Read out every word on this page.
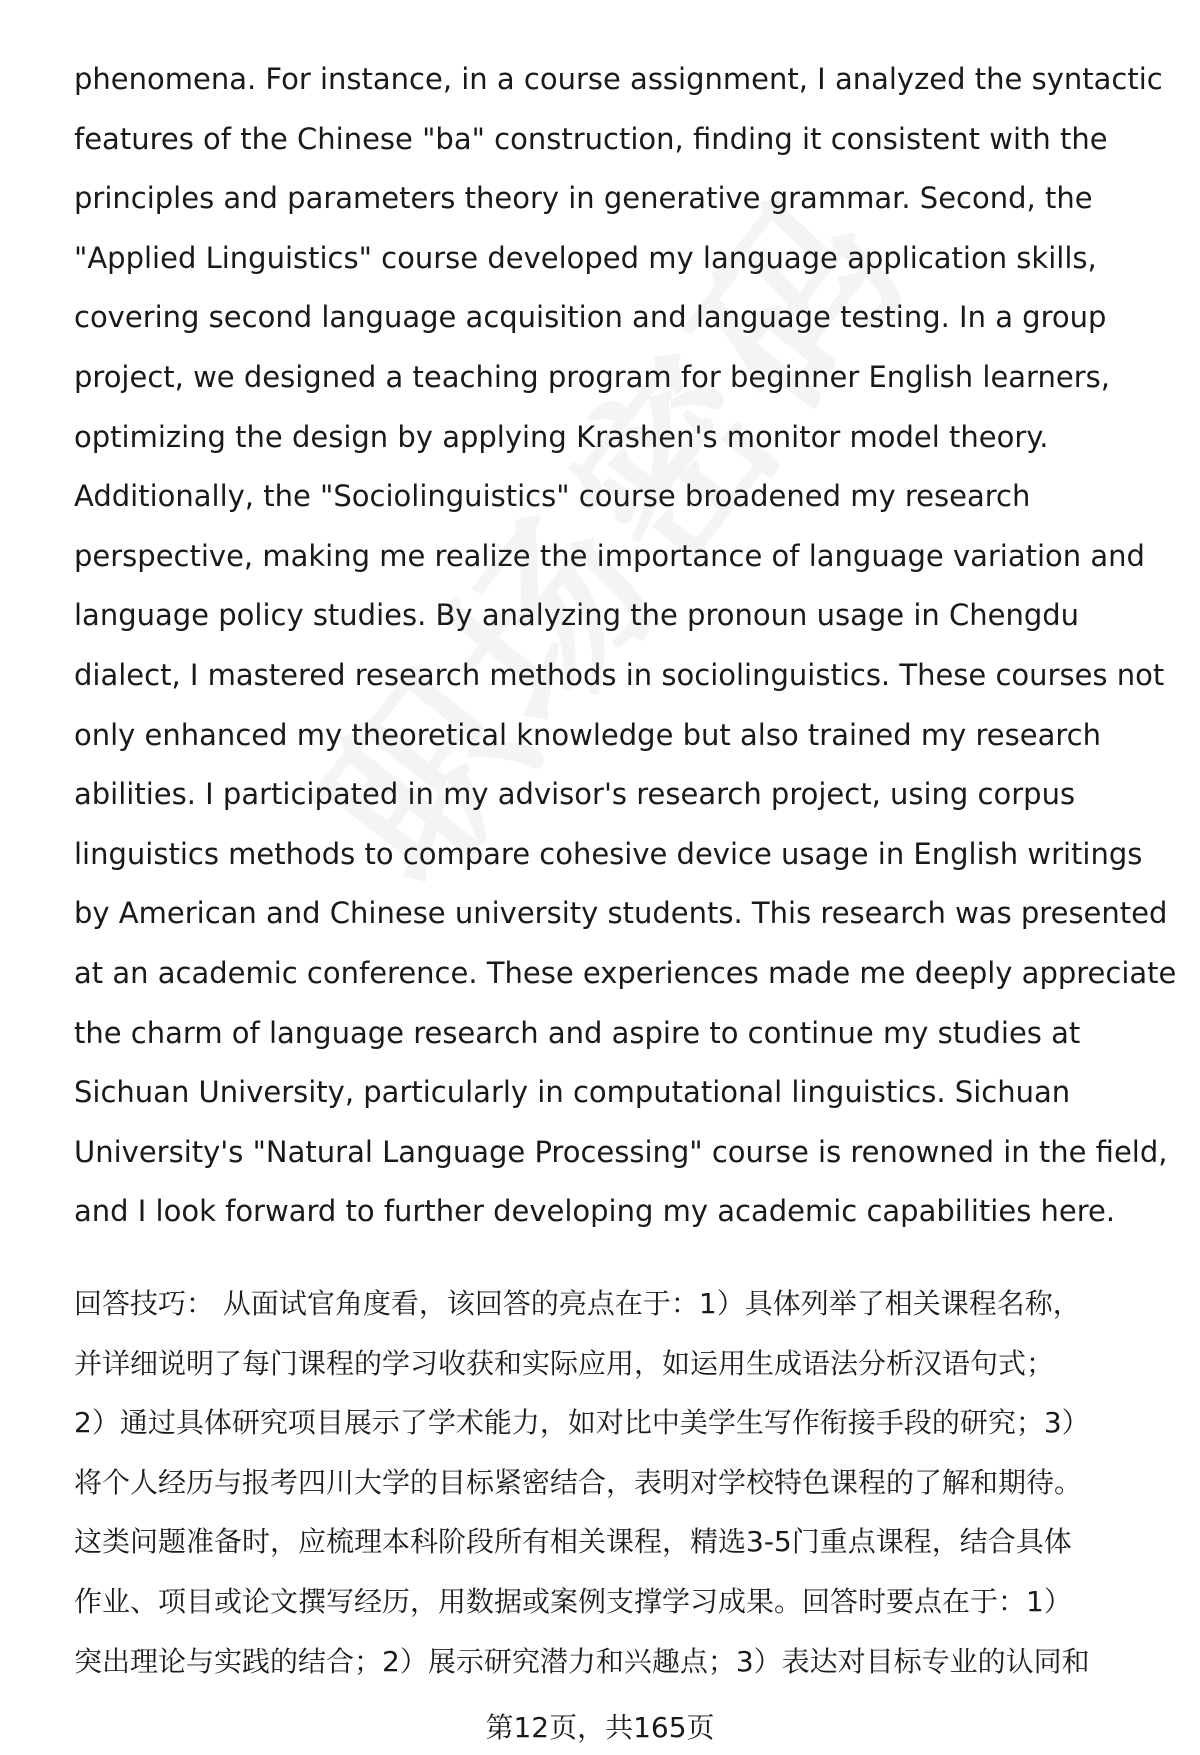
phenomena. For instance, in a course assignment, I analyzed the syntactic
features of the Chinese "ba" construction, finding it consistent with the
principles and parameters theory in generative grammar. Second, the
"Applied Linguistics" course developed my language application skills,
covering second language acquisition and language testing. In a group
project, we designed a teaching program for beginner English learners,
optimizing the design by applying Krashen's monitor model theory.
Additionally, the "Sociolinguistics" course broadened my research
perspective, making me realize the importance of language variation and
language policy studies. By analyzing the pronoun usage in Chengdu
dialect, I mastered research methods in sociolinguistics. These courses not
only enhanced my theoretical knowledge but also trained my research
abilities. I participated in my advisor's research project, using corpus
linguistics methods to compare cohesive device usage in English writings
by American and Chinese university students. This research was presented
at an academic conference. These experiences made me deeply appreciate
the charm of language research and aspire to continue my studies at
Sichuan University, particularly in computational linguistics. Sichuan
University's "Natural Language Processing" course is renowned in the field,
and I look forward to further developing my academic capabilities here.
回答技巧： 从面试官角度看，该回答的亮点在于：1）具体列举了相关课程名称，
并详细说明了每门课程的学习收获和实际应用，如运用生成语法分析汉语句式；
2）通过具体研究项目展示了学术能力，如对比中美学生写作衔接手段的研究；3）
将个人经历与报考四川大学的目标紧密结合，表明对学校特色课程的了解和期待。
这类问题准备时，应梳理本科阶段所有相关课程，精选3-5门重点课程，结合具体
作业、项目或论文撰写经历，用数据或案例支撑学习成果。回答时要点在于：1）
突出理论与实践的结合；2）展示研究潜力和兴趣点；3）表达对目标专业的认同和
第12页，共165页
